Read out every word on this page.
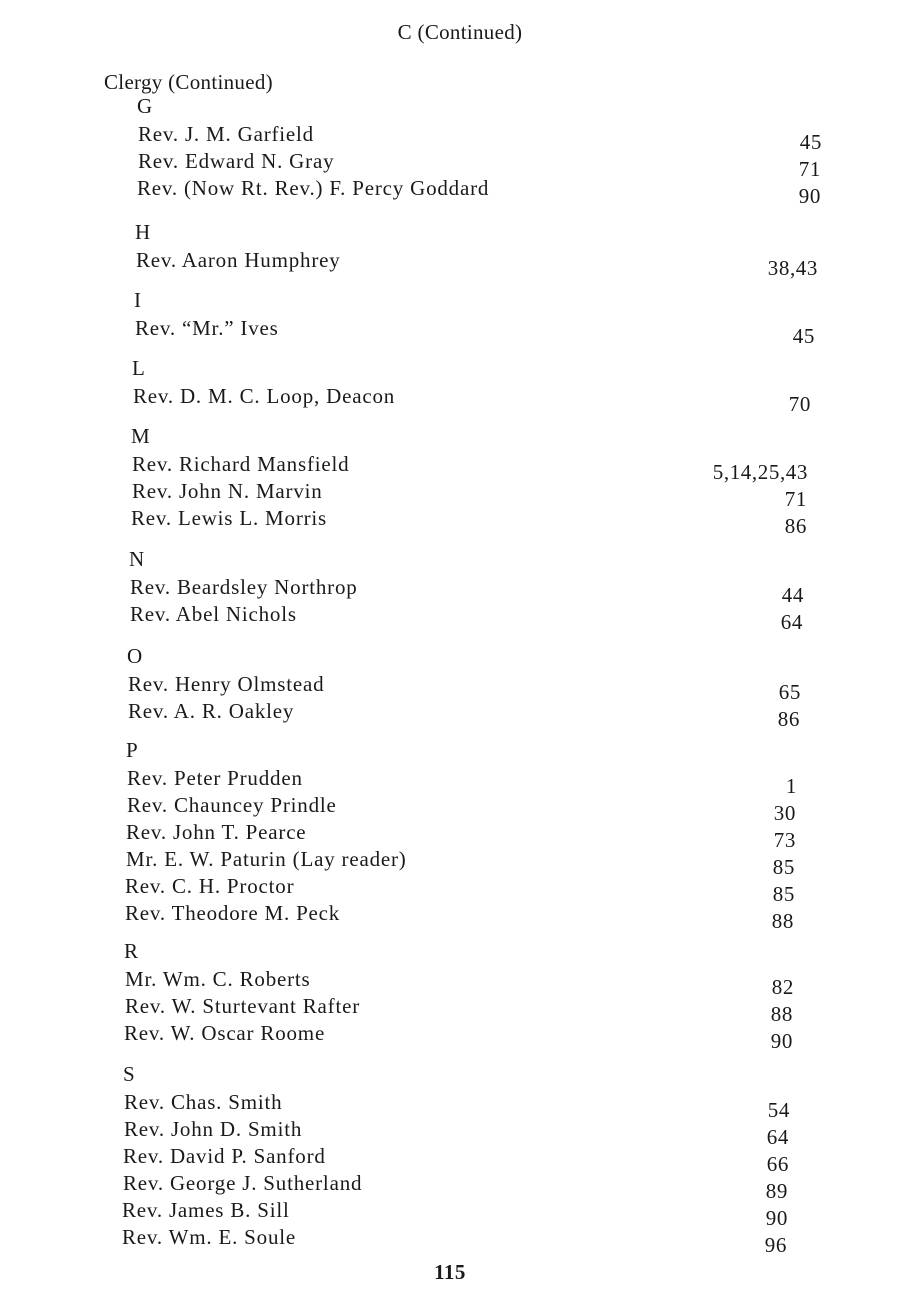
C (Continued)
Clergy (Continued)
G
Rev. J. M. Garfield	45
Rev. Edward N. Gray	71
Rev. (Now Rt. Rev.) F. Percy Goddard	90
H
Rev. Aaron Humphrey	38,43
I
Rev. “Mr.” Ives	45
L
Rev. D. M. C. Loop, Deacon	70
M
Rev. Richard Mansfield	5,14,25,43
Rev. John N. Marvin	71
Rev. Lewis L. Morris	86
N
Rev. Beardsley Northrop	44
Rev. Abel Nichols	64
O
Rev. Henry Olmstead	65
Rev. A. R. Oakley	86
P
Rev. Peter Prudden	1
Rev. Chauncey Prindle	30
Rev. John T. Pearce	73
Mr. E. W. Paturin (Lay reader)	85
Rev. C. H. Proctor	85
Rev. Theodore M. Peck	88
R
Mr. Wm. C. Roberts	82
Rev. W. Sturtevant Rafter	88
Rev. W. Oscar Roome	90
S
Rev. Chas. Smith	54
Rev. John D. Smith	64
Rev. David P. Sanford	66
Rev. George J. Sutherland	89
Rev. James B. Sill	90
Rev. Wm. E. Soule	96
115
